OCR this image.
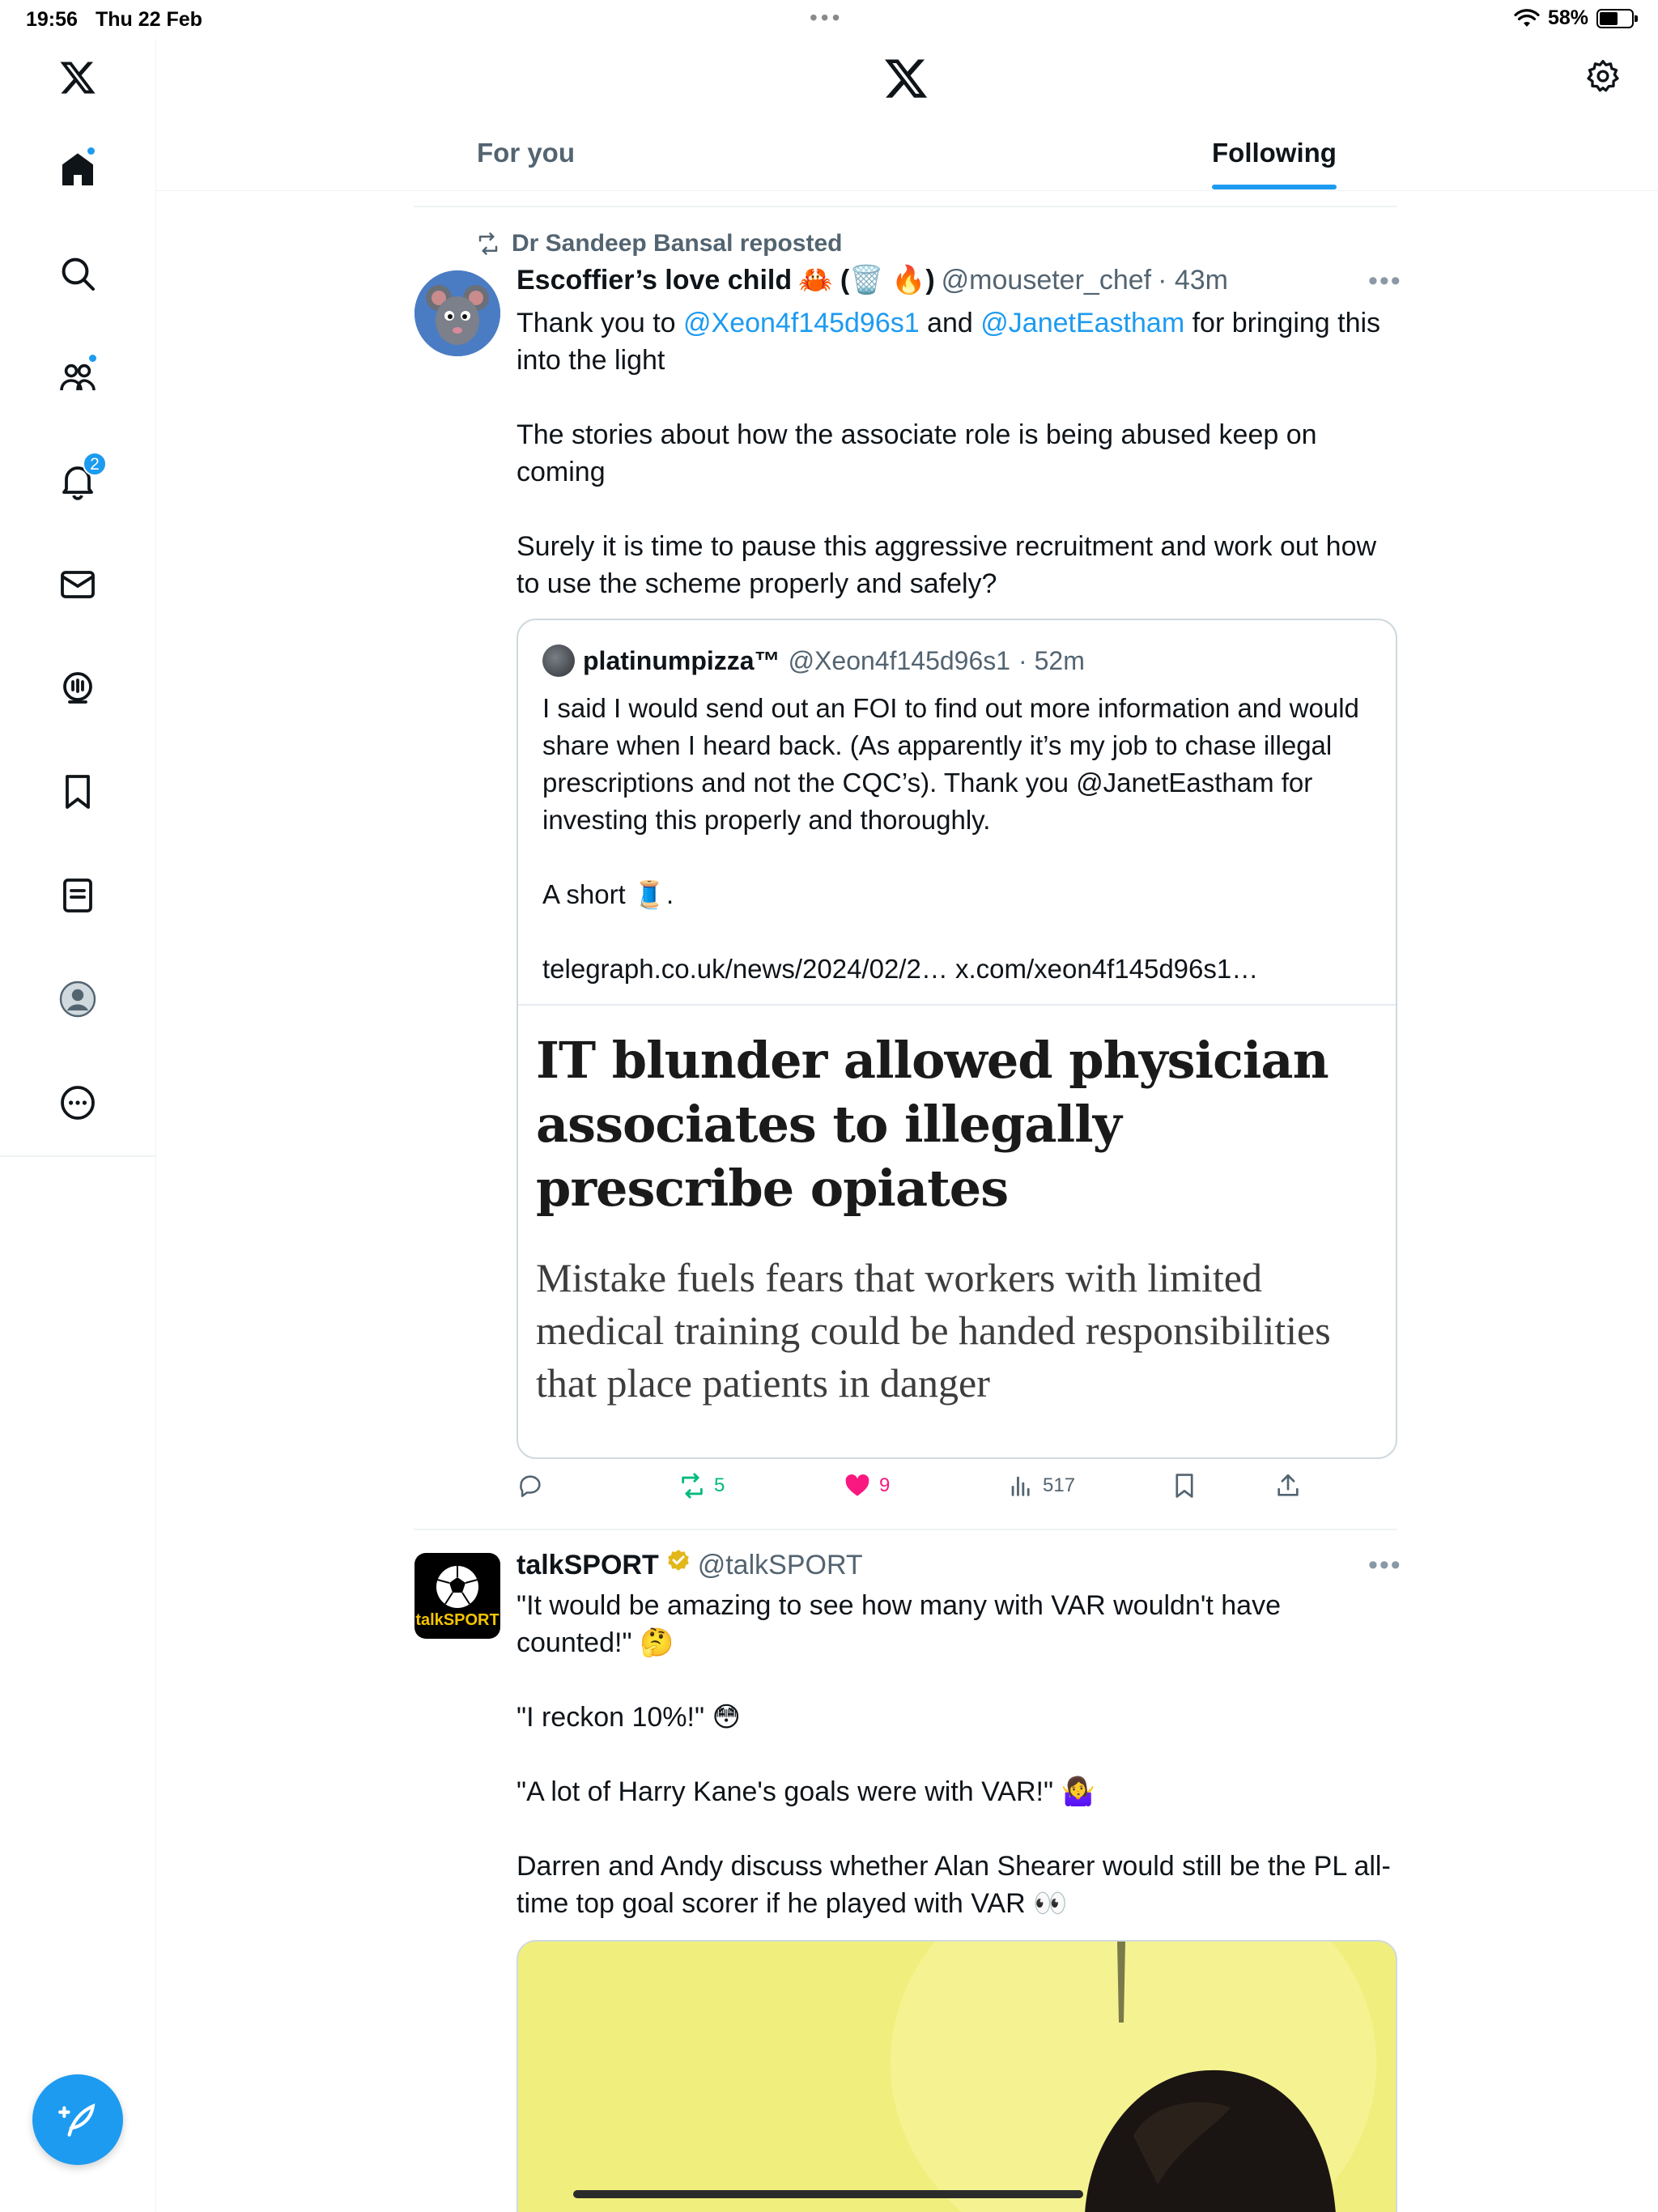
19:56 Thu 22 Feb	•••	58%
2
For you	Following
Dr Sandeep Bansal reposted
Escoffier’s love child 🦀 (🗑️ 🔥) @mouseter_chef · 43m	•••

Thank you to @Xeon4f145d96s1 and @JanetEastham for bringing this into the light

The stories about how the associate role is being abused keep on coming

Surely it is time to pause this aggressive recruitment and work out how to use the scheme properly and safely?

platinumpizza™ @Xeon4f145d96s1 · 52m

I said I would send out an FOI to find out more information and would share when I heard back. (As apparently it’s my job to chase illegal prescriptions and not the CQC’s). Thank you @JanetEastham for investing this properly and thoroughly.

A short 🧵.

telegraph.co.uk/news/2024/02/2… x.com/xeon4f145d96s1…

IT blunder allowed physician associates to illegally prescribe opiates
Mistake fuels fears that workers with limited medical training could be handed responsibilities that place patients in danger
5	9	517
talkSPORT
talkSPORT @talkSPORT	•••

"It would be amazing to see how many with VAR wouldn't have counted!" 🤔

"I reckon 10%!" 😳

"A lot of Harry Kane's goals were with VAR!" 🤷‍♀️

Darren and Andy discuss whether Alan Shearer would still be the PL all-time top goal scorer if he played with VAR 👀
